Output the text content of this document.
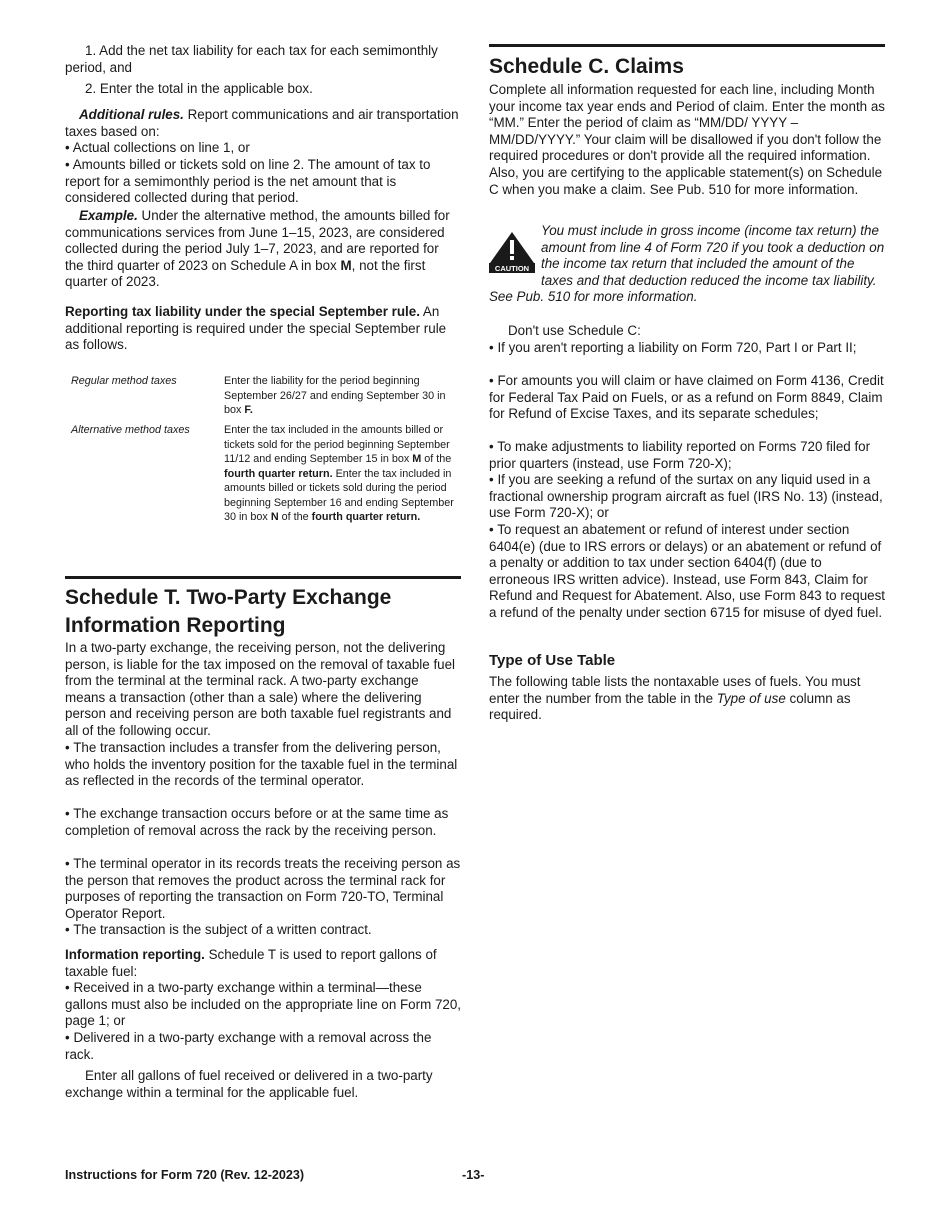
1. Add the net tax liability for each tax for each semimonthly period, and

2. Enter the total in the applicable box.

Additional rules. Report communications and air transportation taxes based on:

• Actual collections on line 1, or

• Amounts billed or tickets sold on line 2. The amount of tax to report for a semimonthly period is the net amount that is considered collected during that period.

Example. Under the alternative method, the amounts billed for communications services from June 1–15, 2023, are considered collected during the period July 1–7, 2023, and are reported for the third quarter of 2023 on Schedule A in box M, not the first quarter of 2023.

Reporting tax liability under the special September rule. An additional reporting is required under the special September rule as follows.

Regular method taxes	Enter the liability for the period beginning September 26/27 and ending September 30 in box F.
Alternative method taxes	Enter the tax included in the amounts billed or tickets sold for the period beginning September 11/12 and ending September 15 in box M of the fourth quarter return. Enter the tax included in amounts billed or tickets sold during the period beginning September 16 and ending September 30 in box N of the fourth quarter return.
Schedule T. Two-Party Exchange Information Reporting

In a two-party exchange, the receiving person, not the delivering person, is liable for the tax imposed on the removal of taxable fuel from the terminal at the terminal rack. A two-party exchange means a transaction (other than a sale) where the delivering person and receiving person are both taxable fuel registrants and all of the following occur.

• The transaction includes a transfer from the delivering person, who holds the inventory position for the taxable fuel in the terminal as reflected in the records of the terminal operator.

• The exchange transaction occurs before or at the same time as completion of removal across the rack by the receiving person.

• The terminal operator in its records treats the receiving person as the person that removes the product across the terminal rack for purposes of reporting the transaction on Form 720-TO, Terminal Operator Report.

• The transaction is the subject of a written contract.

Information reporting. Schedule T is used to report gallons of taxable fuel:

• Received in a two-party exchange within a terminal—these gallons must also be included on the appropriate line on Form 720, page 1; or

• Delivered in a two-party exchange with a removal across the rack.

Enter all gallons of fuel received or delivered in a two-party exchange within a terminal for the applicable fuel.

Schedule C. Claims

Complete all information requested for each line, including Month your income tax year ends and Period of claim. Enter the month as “MM.” Enter the period of claim as “MM/DD/ YYYY – MM/DD/YYYY.” Your claim will be disallowed if you don't follow the required procedures or don't provide all the required information. Also, you are certifying to the applicable statement(s) on Schedule C when you make a claim. See Pub. 510 for more information.

You must include in gross income (income tax return) the amount from line 4 of Form 720 if you took a deduction on the income tax return that included the amount of the taxes and that deduction reduced the income tax liability. See Pub. 510 for more information.

CAUTION

Don't use Schedule C:

• If you aren't reporting a liability on Form 720, Part I or Part II;

• For amounts you will claim or have claimed on Form 4136, Credit for Federal Tax Paid on Fuels, or as a refund on Form 8849, Claim for Refund of Excise Taxes, and its separate schedules;

• To make adjustments to liability reported on Forms 720 filed for prior quarters (instead, use Form 720-X);

• If you are seeking a refund of the surtax on any liquid used in a fractional ownership program aircraft as fuel (IRS No. 13) (instead, use Form 720-X); or

• To request an abatement or refund of interest under section 6404(e) (due to IRS errors or delays) or an abatement or refund of a penalty or addition to tax under section 6404(f) (due to erroneous IRS written advice). Instead, use Form 843, Claim for Refund and Request for Abatement. Also, use Form 843 to request a refund of the penalty under section 6715 for misuse of dyed fuel.

Type of Use Table

The following table lists the nontaxable uses of fuels. You must enter the number from the table in the Type of use column as required.

Instructions for Form 720 (Rev. 12-2023)	-13-
